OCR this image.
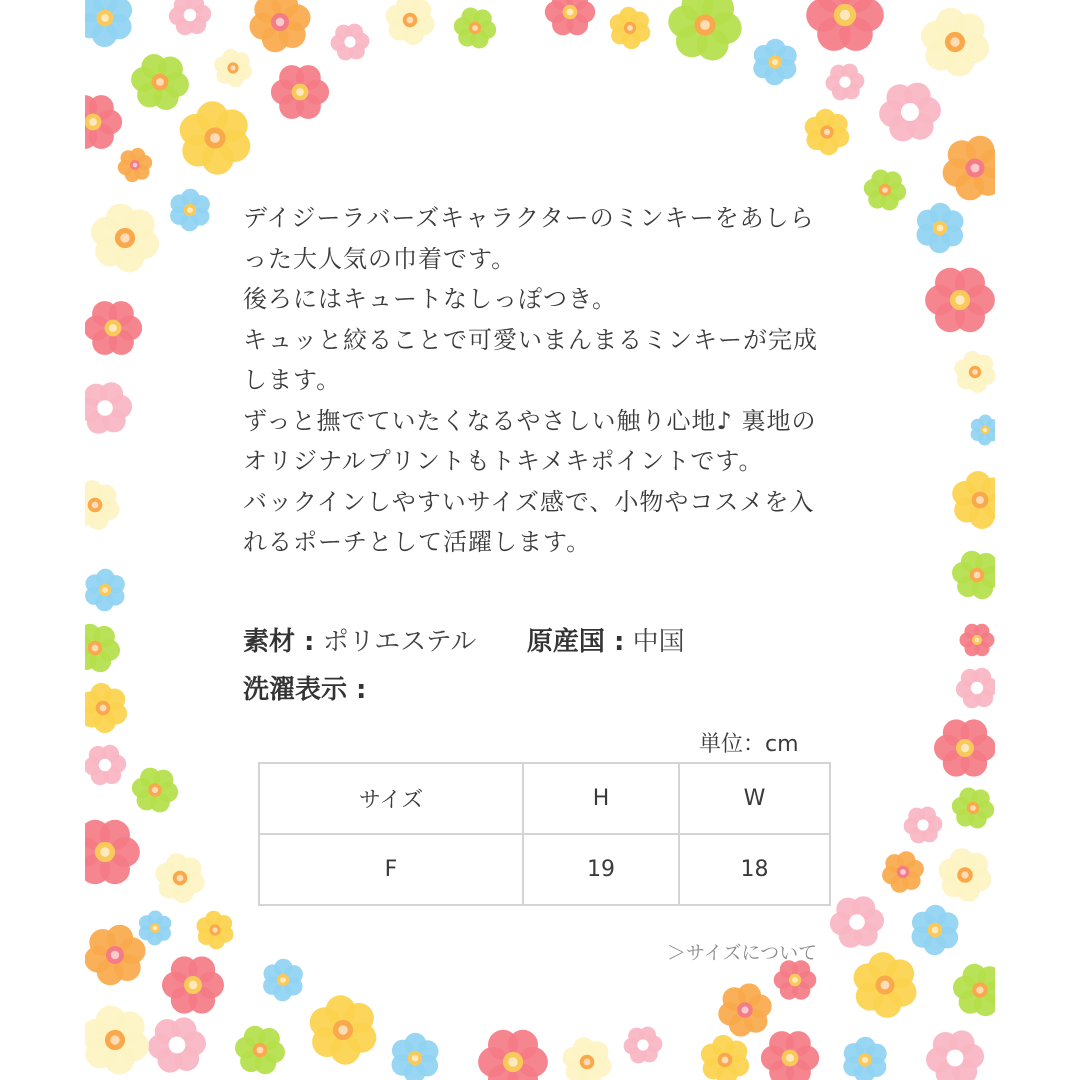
デイジーラバーズキャラクターのミンキーをあしら

った大人気の巾着です。

後ろにはキュートなしっぽつき。

キュッと絞ることで可愛いまんまるミンキーが完成

します。

ずっと撫でていたくなるやさしい触り心地♪ 裏地の

オリジナルプリントもトキメキポイントです。

バックインしやすいサイズ感で、小物やコスメを入

れるポーチとして活躍します。

素材 : ポリエステル 原産国 : 中国
洗濯表示 :
単位：cm
サイズ	H	W
F	19	18
＞サイズについて
